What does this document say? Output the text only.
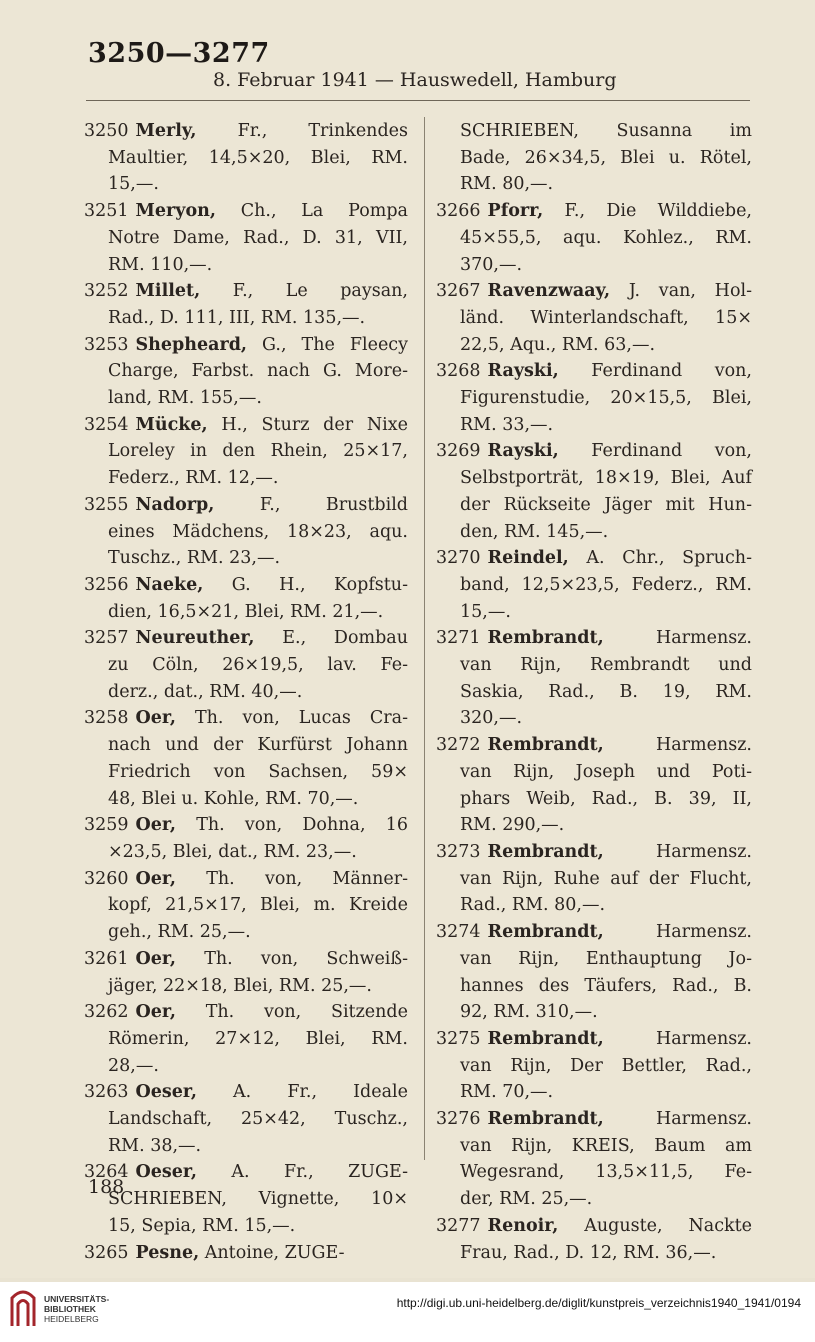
3250—3277
8. Februar 1941 — Hauswedell, Hamburg
3250 Merly, Fr., Trinkendes
Maultier, 14,5×20, Blei, RM.
15,—.
3251 Meryon, Ch., La Pompa
Notre Dame, Rad., D. 31, VII,
RM. 110,—.
3252 Millet, F., Le paysan,
Rad., D. 111, III, RM. 135,—.
3253 Shepheard, G., The Fleecy
Charge, Farbst. nach G. More-
land, RM. 155,—.
3254 Mücke, H., Sturz der Nixe
Loreley in den Rhein, 25×17,
Federz., RM. 12,—.
3255 Nadorp, F., Brustbild
eines Mädchens, 18×23, aqu.
Tuschz., RM. 23,—.
3256 Naeke, G. H., Kopfstu-
dien, 16,5×21, Blei, RM. 21,—.
3257 Neureuther, E., Dombau
zu Cöln, 26×19,5, lav. Fe-
derz., dat., RM. 40,—.
3258 Oer, Th. von, Lucas Cra-
nach und der Kurfürst Johann
Friedrich von Sachsen, 59×
48, Blei u. Kohle, RM. 70,—.
3259 Oer, Th. von, Dohna, 16
×23,5, Blei, dat., RM. 23,—.
3260 Oer, Th. von, Männer-
kopf, 21,5×17, Blei, m. Kreide
geh., RM. 25,—.
3261 Oer, Th. von, Schweiß-
jäger, 22×18, Blei, RM. 25,—.
3262 Oer, Th. von, Sitzende
Römerin, 27×12, Blei, RM.
28,—.
3263 Oeser, A. Fr., Ideale
Landschaft, 25×42, Tuschz.,
RM. 38,—.
3264 Oeser, A. Fr., ZUGE-
SCHRIEBEN, Vignette, 10×
15, Sepia, RM. 15,—.
3265 Pesne, Antoine, ZUGE-
SCHRIEBEN, Susanna im
Bade, 26×34,5, Blei u. Rötel,
RM. 80,—.
3266 Pforr, F., Die Wilddiebe,
45×55,5, aqu. Kohlez., RM.
370,—.
3267 Ravenzwaay, J. van, Hol-
länd. Winterlandschaft, 15×
22,5, Aqu., RM. 63,—.
3268 Rayski, Ferdinand von,
Figurenstudie, 20×15,5, Blei,
RM. 33,—.
3269 Rayski, Ferdinand von,
Selbstporträt, 18×19, Blei, Auf
der Rückseite Jäger mit Hun-
den, RM. 145,—.
3270 Reindel, A. Chr., Spruch-
band, 12,5×23,5, Federz., RM.
15,—.
3271 Rembrandt, Harmensz.
van Rijn, Rembrandt und
Saskia, Rad., B. 19, RM.
320,—.
3272 Rembrandt, Harmensz.
van Rijn, Joseph und Poti-
phars Weib, Rad., B. 39, II,
RM. 290,—.
3273 Rembrandt, Harmensz.
van Rijn, Ruhe auf der Flucht,
Rad., RM. 80,—.
3274 Rembrandt, Harmensz.
van Rijn, Enthauptung Jo-
hannes des Täufers, Rad., B.
92, RM. 310,—.
3275 Rembrandt, Harmensz.
van Rijn, Der Bettler, Rad.,
RM. 70,—.
3276 Rembrandt, Harmensz.
van Rijn, KREIS, Baum am
Wegesrand, 13,5×11,5, Fe-
der, RM. 25,—.
3277 Renoir, Auguste, Nackte
Frau, Rad., D. 12, RM. 36,—.
188
UNIVERSITÄTS-
BIBLIOTHEK
HEIDELBERG
http://digi.ub.uni-heidelberg.de/diglit/kunstpreis_verzeichnis1940_1941/0194
